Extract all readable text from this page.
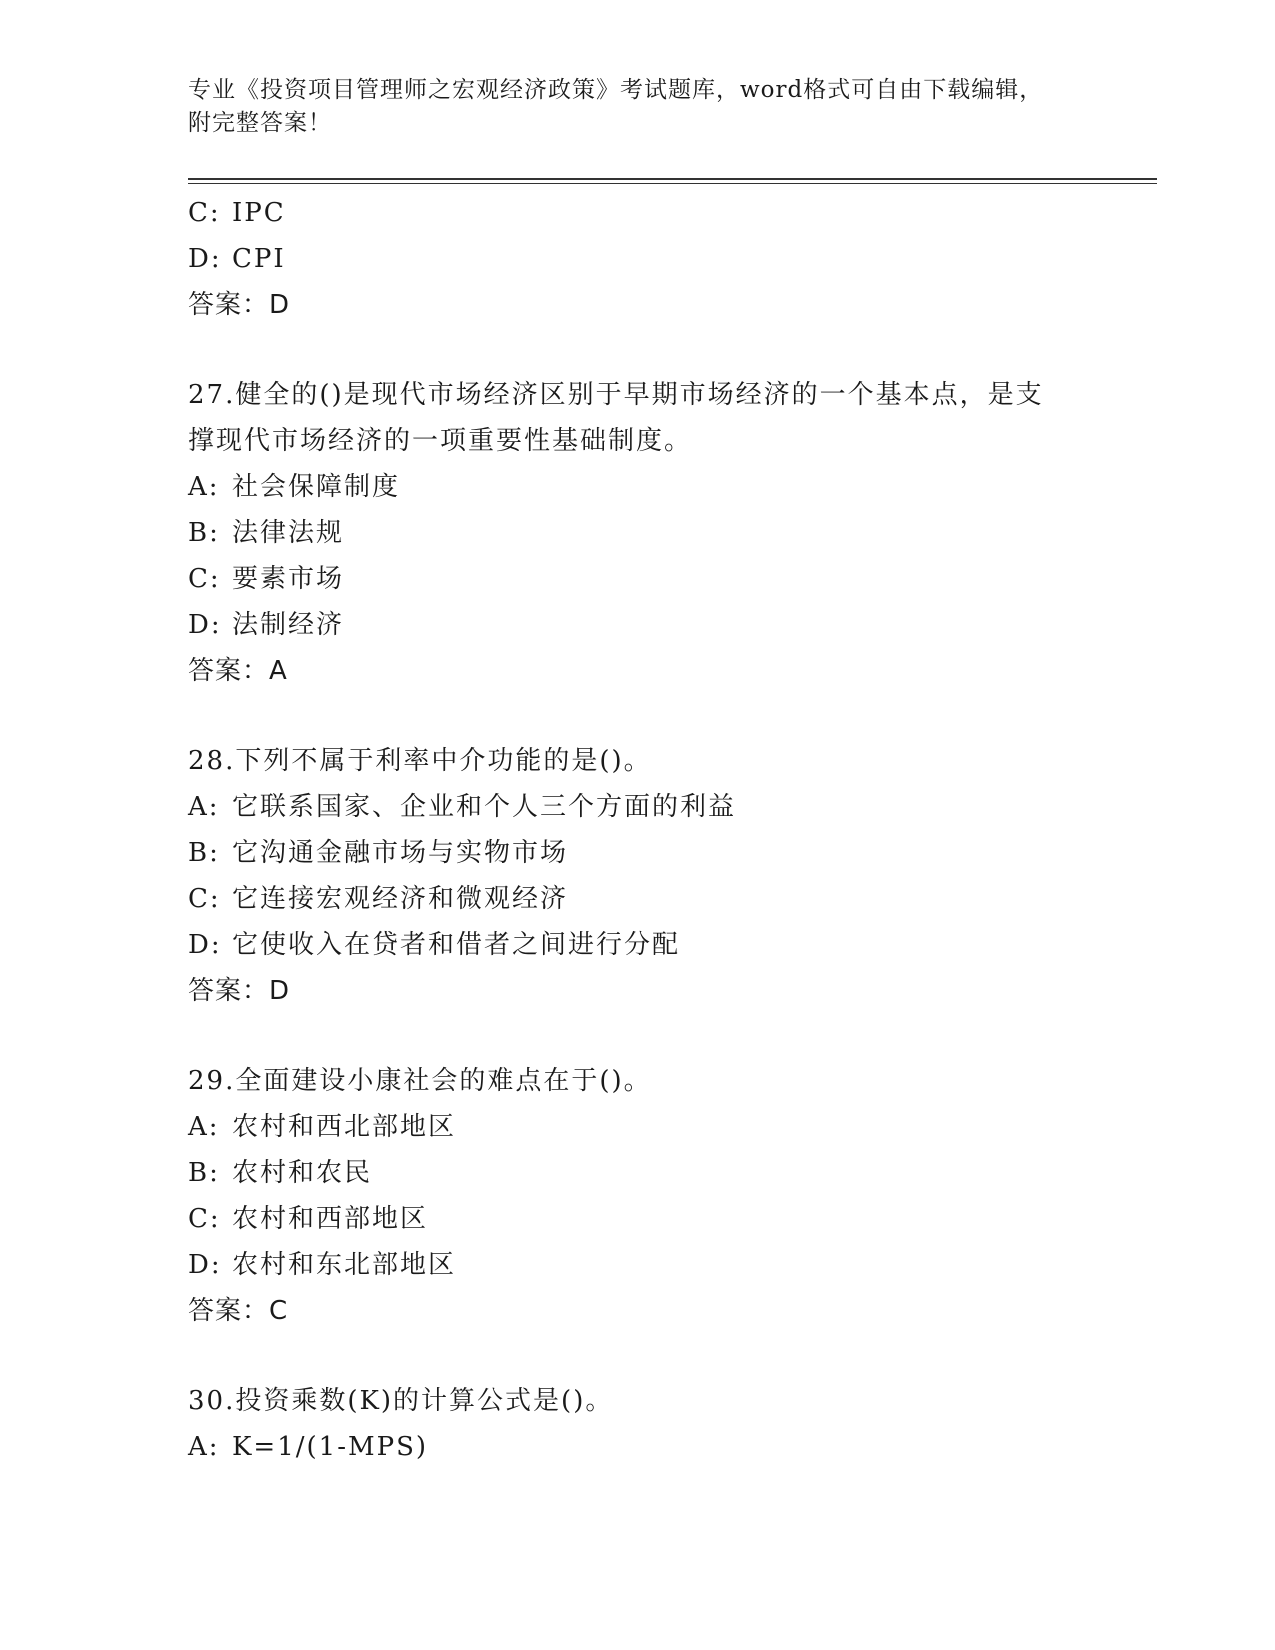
专业《投资项目管理师之宏观经济政策》考试题库，word格式可自由下载编辑，
附完整答案！
C: IPC
D: CPI
答案：D
27.健全的()是现代市场经济区别于早期市场经济的一个基本点，是支
撑现代市场经济的一项重要性基础制度。
A: 社会保障制度
B: 法律法规
C: 要素市场
D: 法制经济
答案：A
28.下列不属于利率中介功能的是()。
A: 它联系国家、企业和个人三个方面的利益
B: 它沟通金融市场与实物市场
C: 它连接宏观经济和微观经济
D: 它使收入在贷者和借者之间进行分配
答案：D
29.全面建设小康社会的难点在于()。
A: 农村和西北部地区
B: 农村和农民
C: 农村和西部地区
D: 农村和东北部地区
答案：C
30.投资乘数(K)的计算公式是()。
A: K=1/(1-MPS)
